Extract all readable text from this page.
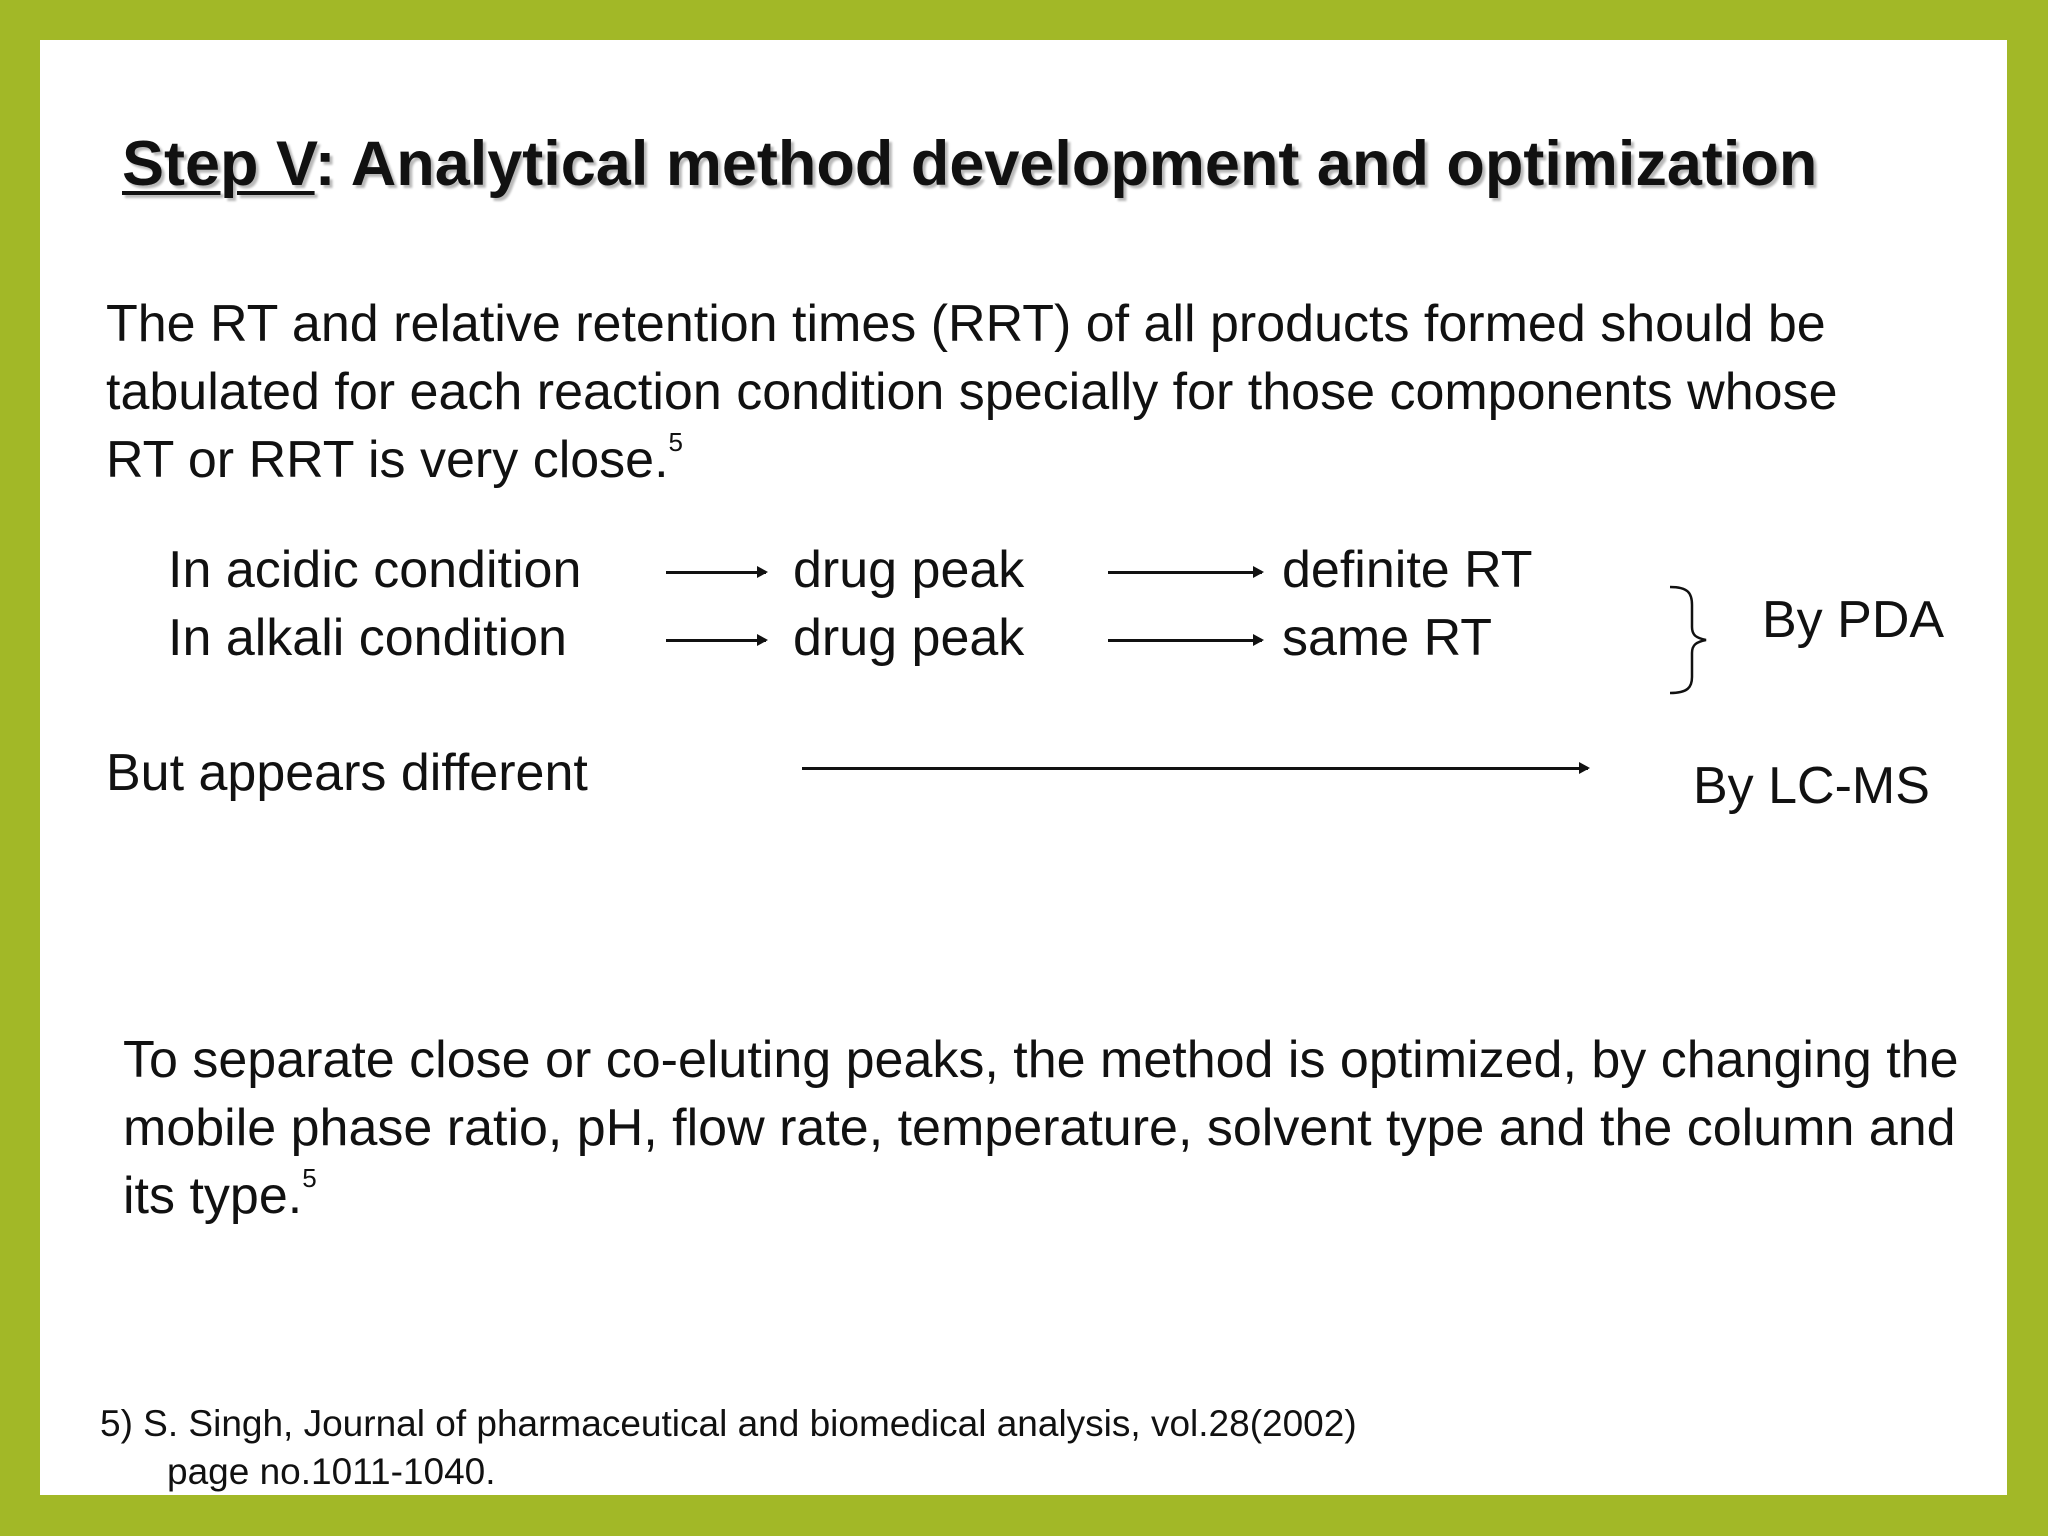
Step V: Analytical method development and optimization

The RT and relative retention times (RRT) of all products formed should be tabulated for each reaction condition specially for those components whose RT or RRT is very close.$^5$

In acidic condition	drug peak	definite RT
In alkali condition	drug peak	same RT	By PDA
But appears different	By LC-MS

To separate close or co-eluting peaks, the method is optimized, by changing the mobile phase ratio, pH, flow rate, temperature, solvent type and the column and its type.$^5$

5) S. Singh, Journal of pharmaceutical and biomedical analysis, vol.28(2002)
page no.1011-1040.
